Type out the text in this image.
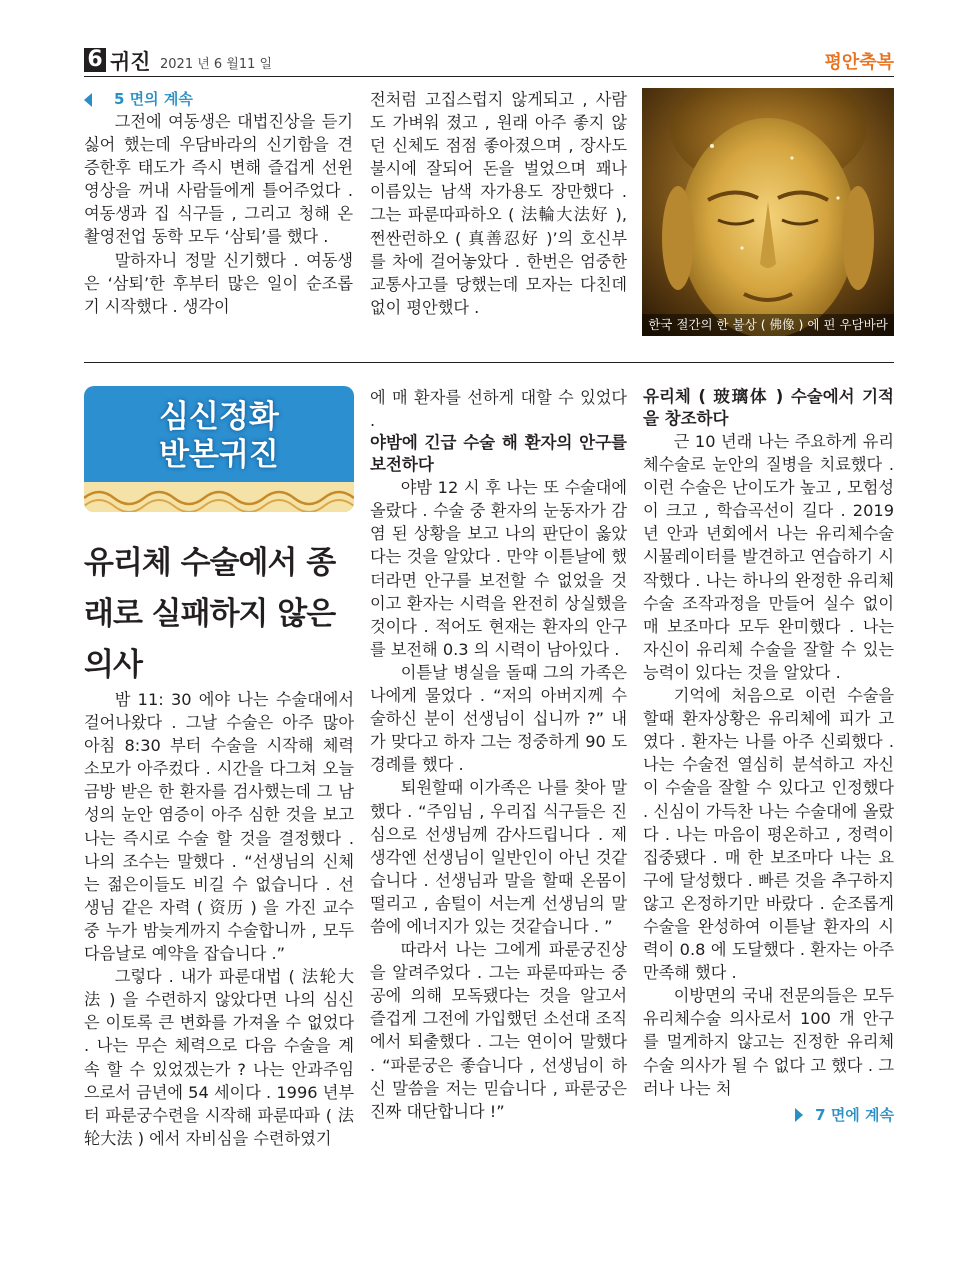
6 귀진 2021 년 6 월11 일	평안축복
5 면의 계속

그전에 여동생은 대법진상을 듣기 싫어 했는데 우담바라의 신기함을 견증한후 태도가 즉시 변해 즐겁게 선윈영상을 꺼내 사람들에게 틀어주었다 . 여동생과 집 식구들 , 그리고 청해 온 촬영전업 동학 모두 ‘삼퇴’를 했다 .

말하자니 정말 신기했다 . 여동생은 ‘삼퇴’한 후부터 많은 일이 순조롭기 시작했다 . 생각이

전처럼 고집스럽지 않게되고 , 사람도 가벼워 졌고 , 원래 아주 좋지 않던 신체도 점점 좋아졌으며 , 장사도 불시에 잘되어 돈을 벌었으며 꽤나 이름있는 남색 자가용도 장만했다 . 그는 파룬따파하오 ( 法輪大法好 ), 쩐싼런하오 ( 真善忍好 )’의 호신부를 차에 걸어놓았다 . 한번은 엄중한 교통사고를 당했는데 모자는 다친데 없이 평안했다 .

한국 절간의 한 불상 ( 佛像 ) 에 핀 우담바라
심신정화
반본귀진
유리체 수술에서 종래로 실패하지 않은 의사

밤 11: 30 에야 나는 수술대에서 걸어나왔다 . 그날 수술은 아주 많아 아침 8:30 부터 수술을 시작해 체력 소모가 아주컸다 . 시간을 다그쳐 오늘 금방 받은 한 환자를 검사했는데 그 남성의 눈안 염증이 아주 심한 것을 보고 나는 즉시로 수술 할 것을 결정했다 . 나의 조수는 말했다 . “선생님의 신체는 젊은이들도 비길 수 없습니다 . 선생님 같은 자력 ( 资历 ) 을 가진 교수 중 누가 밤늦게까지 수술합니까 , 모두 다음날로 예약을 잡습니다 .”

그렇다 . 내가 파룬대법 ( 法轮大法 ) 을 수련하지 않았다면 나의 심신은 이토록 큰 변화를 가져올 수 없었다 . 나는 무슨 체력으로 다음 수술을 계속 할 수 있었겠는가 ? 나는 안과주임으로서 금년에 54 세이다 . 1996 년부터 파룬궁수련을 시작해 파룬따파 ( 法轮大法 ) 에서 자비심을 수련하였기

에 매 환자를 선하게 대할 수 있었다 .

야밤에 긴급 수술 해 환자의 안구를 보전하다

야밤 12 시 후 나는 또 수술대에 올랐다 . 수술 중 환자의 눈동자가 감염 된 상황을 보고 나의 판단이 옳았다는 것을 알았다 . 만약 이튿날에 했더라면 안구를 보전할 수 없었을 것이고 환자는 시력을 완전히 상실했을 것이다 . 적어도 현재는 환자의 안구를 보전해 0.3 의 시력이 남아있다 .

이튿날 병실을 돌때 그의 가족은 나에게 물었다 . “저의 아버지께 수술하신 분이 선생님이 십니까 ?” 내가 맞다고 하자 그는 정중하게 90 도 경례를 했다 .

퇴원할때 이가족은 나를 찾아 말했다 . “주임님 , 우리집 식구들은 진심으로 선생님께 감사드립니다 . 제생각엔 선생님이 일반인이 아닌 것같습니다 . 선생님과 말을 할때 온몸이 떨리고 , 솜털이 서는게 선생님의 말씀에 에너지가 있는 것같습니다 . ”

따라서 나는 그에게 파룬궁진상을 알려주었다 . 그는 파룬따파는 중공에 의해 모독됐다는 것을 알고서 즐겁게 그전에 가입했던 소선대 조직에서 퇴출했다 . 그는 연이어 말했다 . “파룬궁은 좋습니다 , 선생님이 하신 말씀을 저는 믿습니다 , 파룬궁은 진짜 대단합니다 !”

유리체 ( 玻璃体 ) 수술에서 기적을 창조하다

근 10 년래 나는 주요하게 유리체수술로 눈안의 질병을 치료했다 . 이런 수술은 난이도가 높고 , 모험성이 크고 , 학습곡선이 길다 . 2019 년 안과 년회에서 나는 유리체수술 시뮬레이터를 발견하고 연습하기 시작했다 . 나는 하나의 완정한 유리체수술 조작과정을 만들어 실수 없이 매 보조마다 모두 완미했다 . 나는 자신이 유리체 수술을 잘할 수 있는 능력이 있다는 것을 알았다 .

기억에 처음으로 이런 수술을 할때 환자상황은 유리체에 피가 고였다 . 환자는 나를 아주 신뢰했다 . 나는 수술전 열심히 분석하고 자신이 수술을 잘할 수 있다고 인정했다 . 신심이 가득찬 나는 수술대에 올랐다 . 나는 마음이 평온하고 , 정력이 집중됐다 . 매 한 보조마다 나는 요구에 달성했다 . 빠른 것을 추구하지 않고 온정하기만 바랐다 . 순조롭게 수술을 완성하여 이튿날 환자의 시력이 0.8 에 도달했다 . 환자는 아주 만족해 했다 .

이방면의 국내 전문의들은 모두 유리체수술 의사로서 100 개 안구를 멀게하지 않고는 진정한 유리체수술 의사가 될 수 없다 고 했다 . 그러나 나는 처

7 면에 계속
